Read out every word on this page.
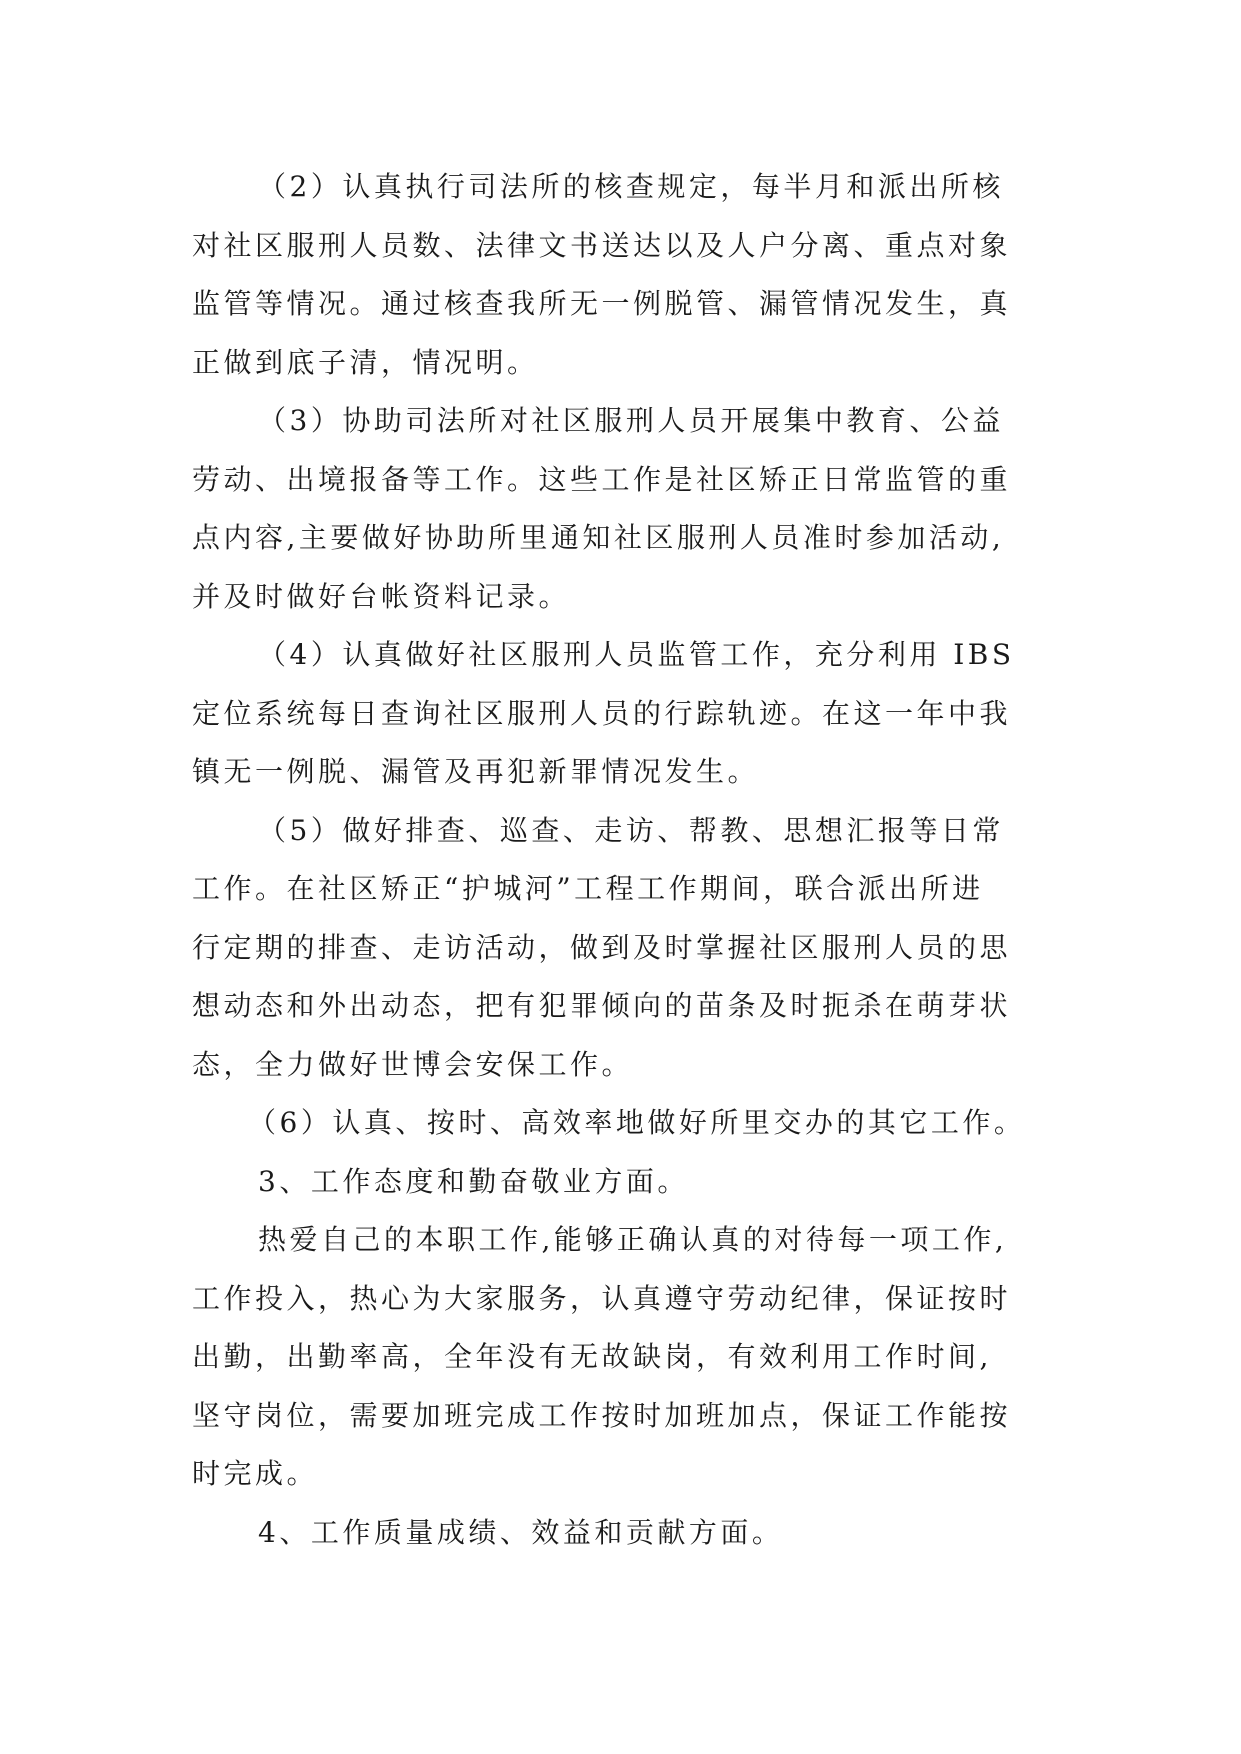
（2）认真执行司法所的核查规定，每半月和派出所核
对社区服刑人员数、法律文书送达以及人户分离、重点对象
监管等情况。通过核查我所无一例脱管、漏管情况发生，真
正做到底子清，情况明。
（3）协助司法所对社区服刑人员开展集中教育、公益
劳动、出境报备等工作。这些工作是社区矫正日常监管的重
点内容,主要做好协助所里通知社区服刑人员准时参加活动,
并及时做好台帐资料记录。
（4）认真做好社区服刑人员监管工作，充分利用 IBS
定位系统每日查询社区服刑人员的行踪轨迹。在这一年中我
镇无一例脱、漏管及再犯新罪情况发生。
（5）做好排查、巡查、走访、帮教、思想汇报等日常
工作。在社区矫正“护城河”工程工作期间，联合派出所进
行定期的排查、走访活动，做到及时掌握社区服刑人员的思
想动态和外出动态，把有犯罪倾向的苗条及时扼杀在萌芽状
态，全力做好世博会安保工作。
（6）认真、按时、高效率地做好所里交办的其它工作。
3、工作态度和勤奋敬业方面。
热爱自己的本职工作,能够正确认真的对待每一项工作,
工作投入，热心为大家服务，认真遵守劳动纪律，保证按时
出勤，出勤率高，全年没有无故缺岗，有效利用工作时间,
坚守岗位，需要加班完成工作按时加班加点，保证工作能按
时完成。
4、工作质量成绩、效益和贡献方面。
